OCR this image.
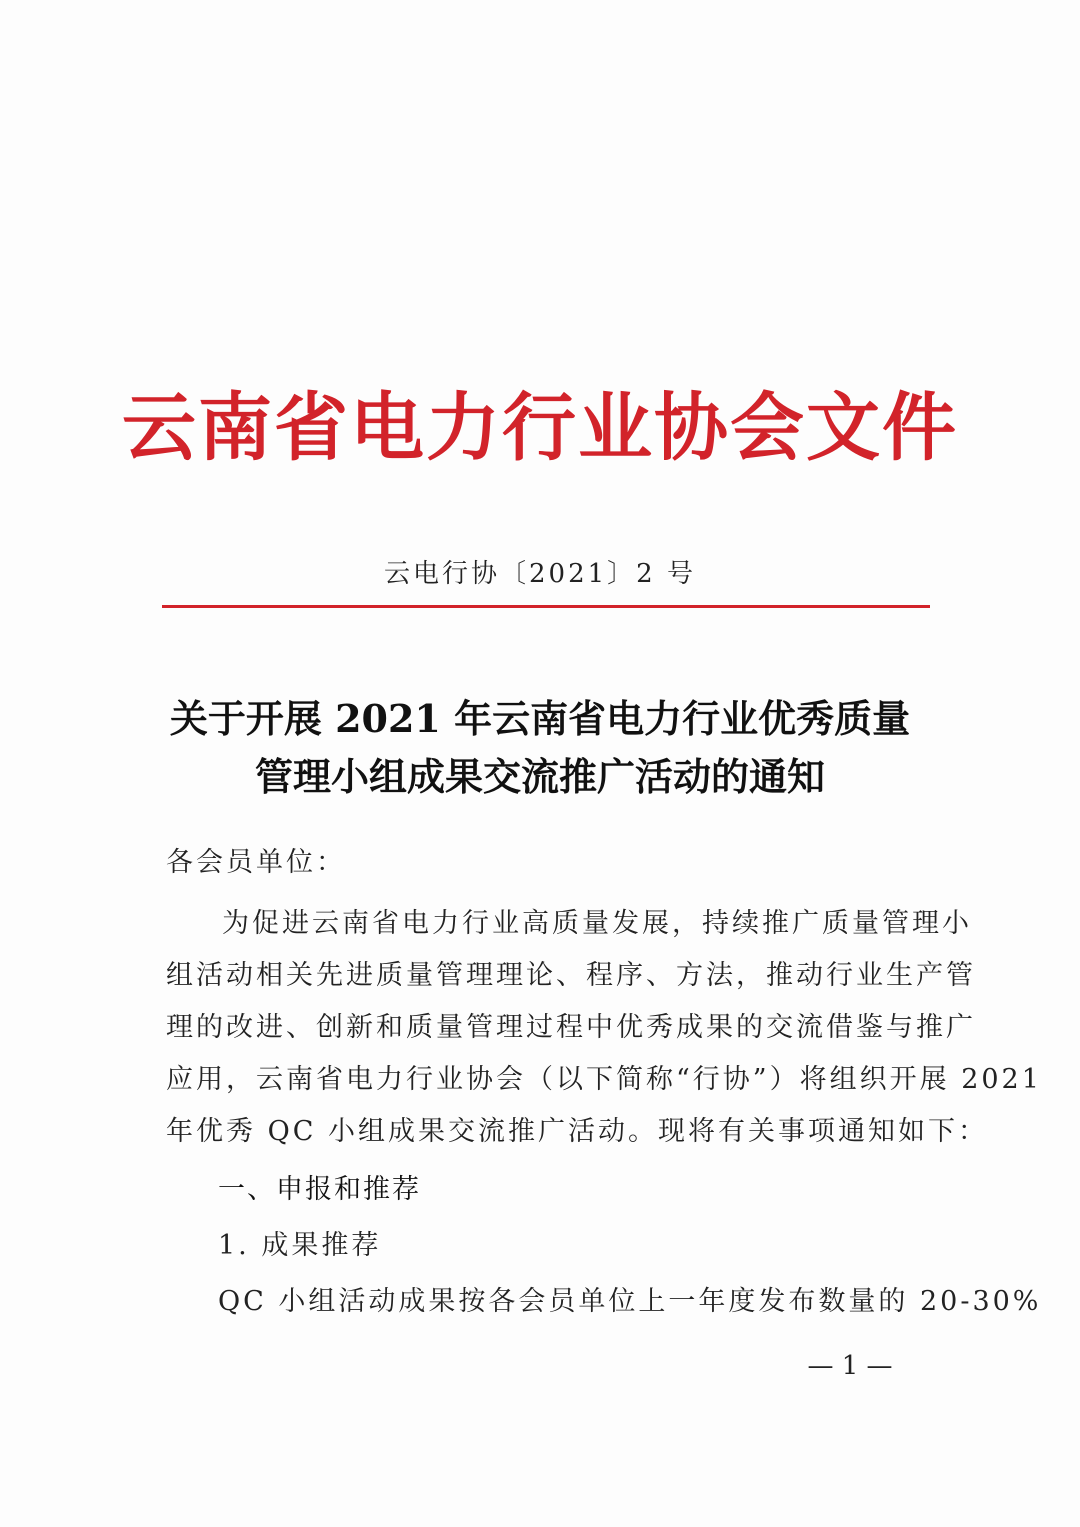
云南省电力行业协会文件
云电行协〔2021〕2 号
关于开展 2021 年云南省电力行业优秀质量
管理小组成果交流推广活动的通知
各会员单位：
为促进云南省电力行业高质量发展，持续推广质量管理小
组活动相关先进质量管理理论、程序、方法，推动行业生产管
理的改进、创新和质量管理过程中优秀成果的交流借鉴与推广
应用，云南省电力行业协会（以下简称“行协”）将组织开展 2021
年优秀 QC 小组成果交流推广活动。现将有关事项通知如下：
一、申报和推荐
1. 成果推荐
QC 小组活动成果按各会员单位上一年度发布数量的 20-30%
— 1 —
